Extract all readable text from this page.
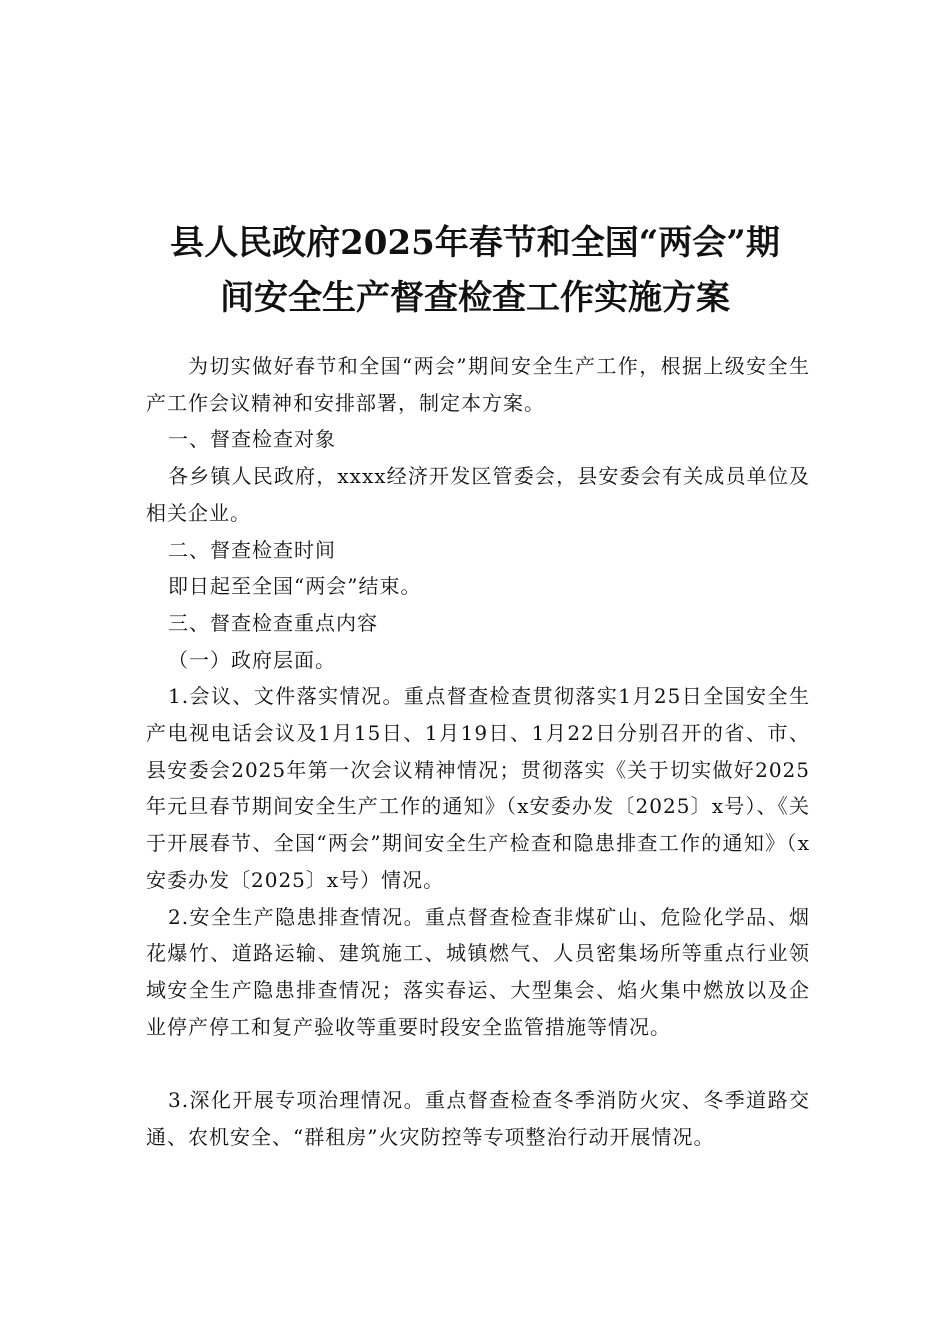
县人民政府2025年春节和全国“两会”期
间安全生产督查检查工作实施方案

为切实做好春节和全国“两会”期间安全生产工作，根据上级安全生产工作会议精神和安排部署，制定本方案。

一、督查检查对象

各乡镇人民政府，xxxx经济开发区管委会，县安委会有关成员单位及相关企业。

二、督查检查时间

即日起至全国“两会”结束。

三、督查检查重点内容

（一）政府层面。

1.会议、文件落实情况。重点督查检查贯彻落实1月25日全国安全生产电视电话会议及1月15日、1月19日、1月22日分别召开的省、市、县安委会2025年第一次会议精神情况；贯彻落实《关于切实做好2025年元旦春节期间安全生产工作的通知》（x安委办发〔2025〕x号）、《关于开展春节、全国“两会”期间安全生产检查和隐患排查工作的通知》（x安委办发〔2025〕x号）情况。

2.安全生产隐患排查情况。重点督查检查非煤矿山、危险化学品、烟花爆竹、道路运输、建筑施工、城镇燃气、人员密集场所等重点行业领域安全生产隐患排查情况；落实春运、大型集会、焰火集中燃放以及企业停产停工和复产验收等重要时段安全监管措施等情况。

3.深化开展专项治理情况。重点督查检查冬季消防火灾、冬季道路交通、农机安全、“群租房”火灾防控等专项整治行动开展情况。
